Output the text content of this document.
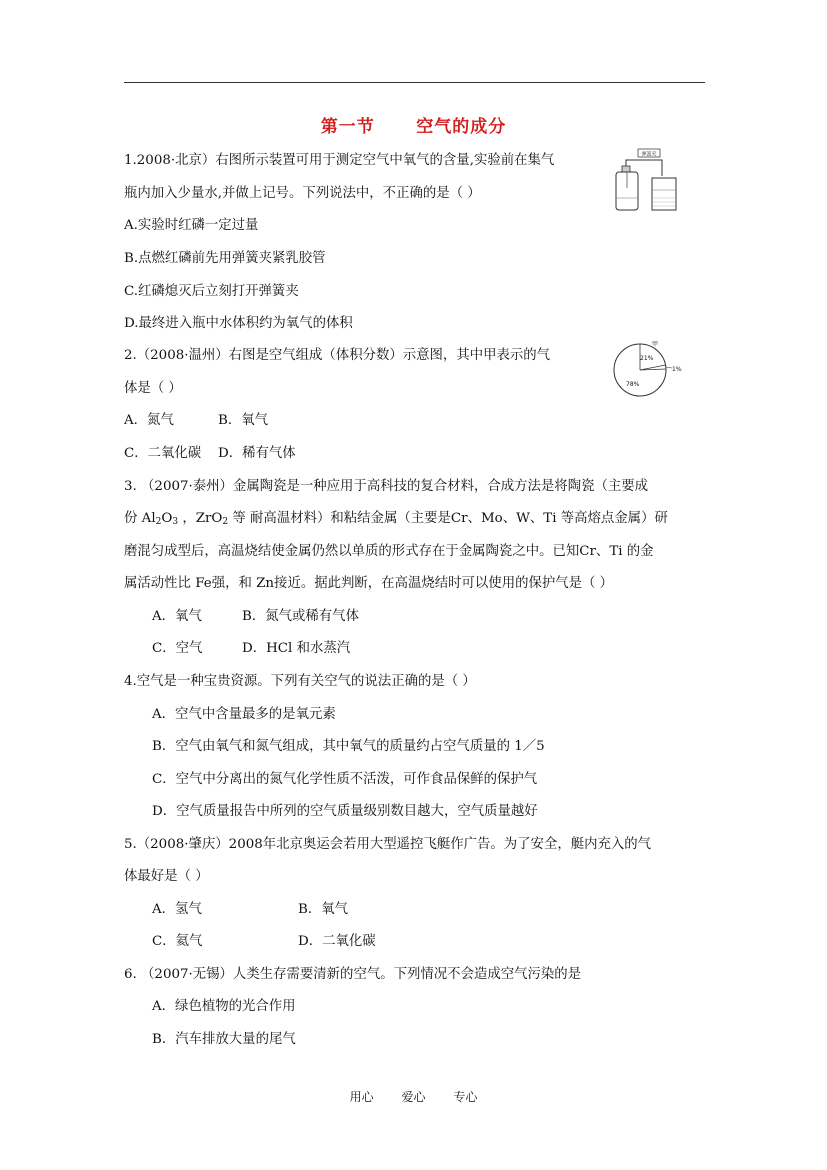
第一节      空气的成分
1.2008·北京）右图所示装置可用于测定空气中氧气的含量,实验前在集气
瓶内加入少量水,并做上记号。下列说法中，不正确的是（ ）
A.实验时红磷一定过量
B.点燃红磷前先用弹簧夹紧乳胶管
C.红磷熄灭后立刻打开弹簧夹
D.最终进入瓶中水体积约为氧气的体积
弹簧夹
2.（2008·温州）右图是空气组成（体积分数）示意图，其中甲表示的气
体是（ ）
A．氮气	B．氧气
C．二氧化碳 D．稀有气体
甲
21%
1%
78%
3. （2007·泰州）金属陶瓷是一种应用于高科技的复合材料，合成方法是将陶瓷（主要成
份 $Al_2O_3$ ，ZrO$_2$ 等 耐高温材料）和粘结金属（主要是Cr、Mo、W、Ti 等高熔点金属）研
磨混匀成型后，高温烧结使金属仍然以单质的形式存在于金属陶瓷之中。已知Cr、Ti 的金
属活动性比 Fe强，和 Zn接近。据此判断，在高温烧结时可以使用的保护气是（ ）
A．氧气	B．氮气或稀有气体
C．空气	D．HCl 和水蒸汽
4.空气是一种宝贵资源。下列有关空气的说法正确的是（ ）
A．空气中含量最多的是氧元素
B．空气由氧气和氮气组成，其中氧气的质量约占空气质量的 1／5
C．空气中分离出的氮气化学性质不活泼，可作食品保鲜的保护气
D．空气质量报告中所列的空气质量级别数目越大，空气质量越好
5.（2008·肇庆）2008年北京奥运会若用大型遥控飞艇作广告。为了安全，艇内充入的气
体最好是（ ）
A．氢气	B．氧气
C．氦气	D．二氧化碳
6. （2007·无锡）人类生存需要清新的空气。下列情况不会造成空气污染的是
A．绿色植物的光合作用
B．汽车排放大量的尾气
用心 爱心 专心
